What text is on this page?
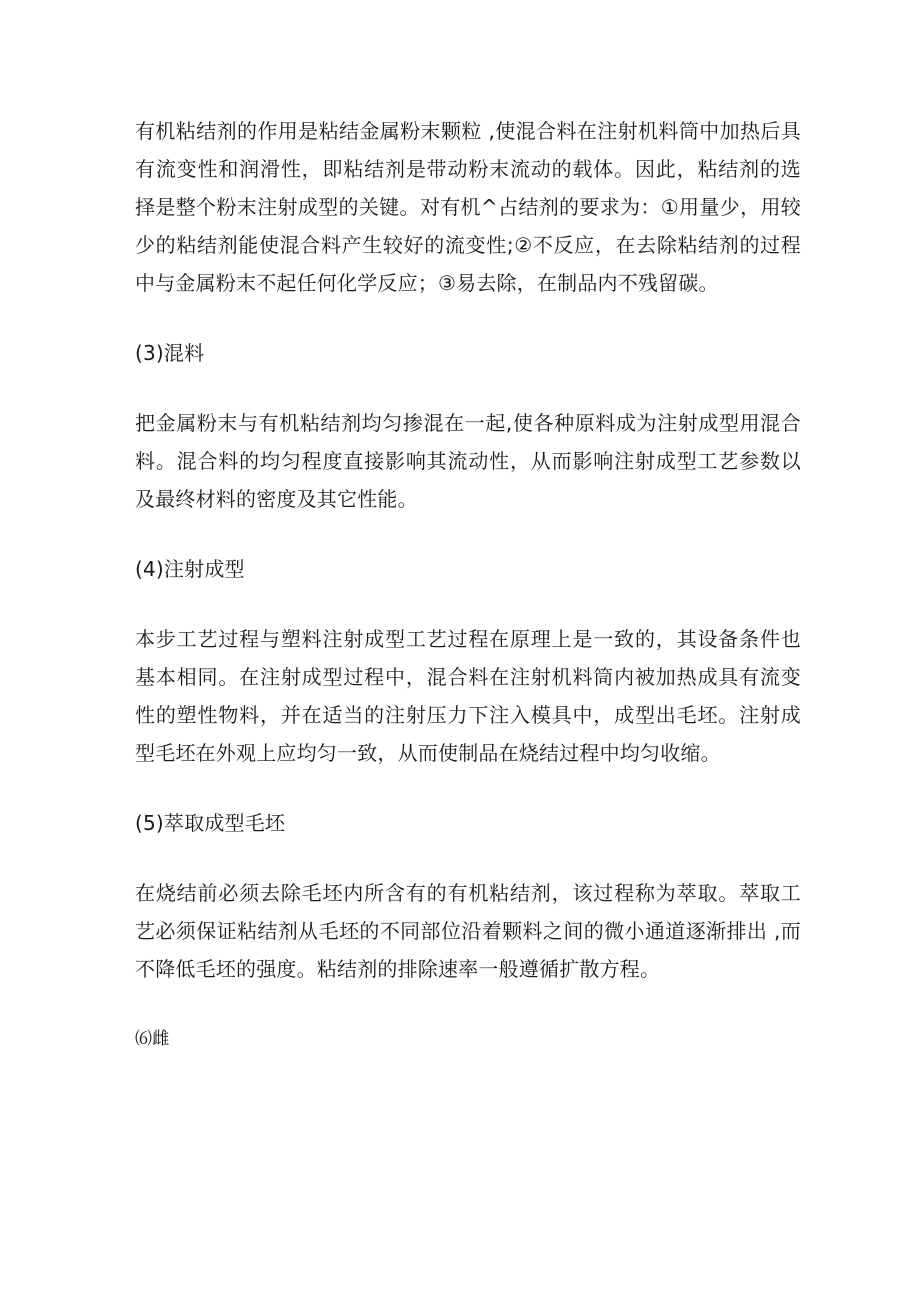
有机粘结剂的作用是粘结金属粉末颗粒 ,使混合料在注射机料筒中加热后具有流变性和润滑性，即粘结剂是带动粉末流动的载体。因此，粘结剂的选择是整个粉末注射成型的关键。对有机^占结剂的要求为：①用量少，用较少的粘结剂能使混合料产生较好的流变性;②不反应，在去除粘结剂的过程中与金属粉末不起任何化学反应；③易去除，在制品内不残留碳。

(3)混料

把金属粉末与有机粘结剂均匀掺混在一起,使各种原料成为注射成型用混合料。混合料的均匀程度直接影响其流动性，从而影响注射成型工艺参数以及最终材料的密度及其它性能。

(4)注射成型

本步工艺过程与塑料注射成型工艺过程在原理上是一致的，其设备条件也基本相同。在注射成型过程中，混合料在注射机料筒内被加热成具有流变性的塑性物料，并在适当的注射压力下注入模具中，成型出毛坯。注射成型毛坯在外观上应均匀一致，从而使制品在烧结过程中均匀收缩。

(5)萃取成型毛坯

在烧结前必须去除毛坯内所含有的有机粘结剂，该过程称为萃取。萃取工艺必须保证粘结剂从毛坯的不同部位沿着颗料之间的微小通道逐渐排出 ,而不降低毛坯的强度。粘结剂的排除速率一般遵循扩散方程。

⑹雌
